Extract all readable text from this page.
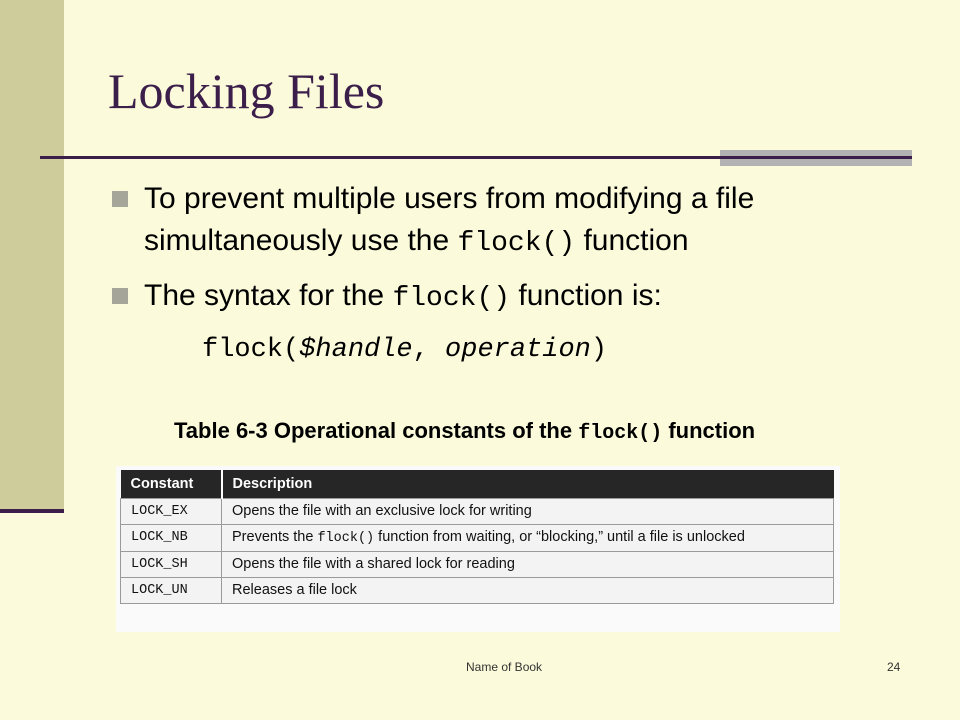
Locking Files
To prevent multiple users from modifying a file simultaneously use the flock() function
The syntax for the flock() function is:
flock($handle, operation)
Table 6-3 Operational constants of the flock() function
Constant	Description
LOCK_EX	Opens the file with an exclusive lock for writing
LOCK_NB	Prevents the flock() function from waiting, or “blocking,” until a file is unlocked
LOCK_SH	Opens the file with a shared lock for reading
LOCK_UN	Releases a file lock
Name of Book	24
